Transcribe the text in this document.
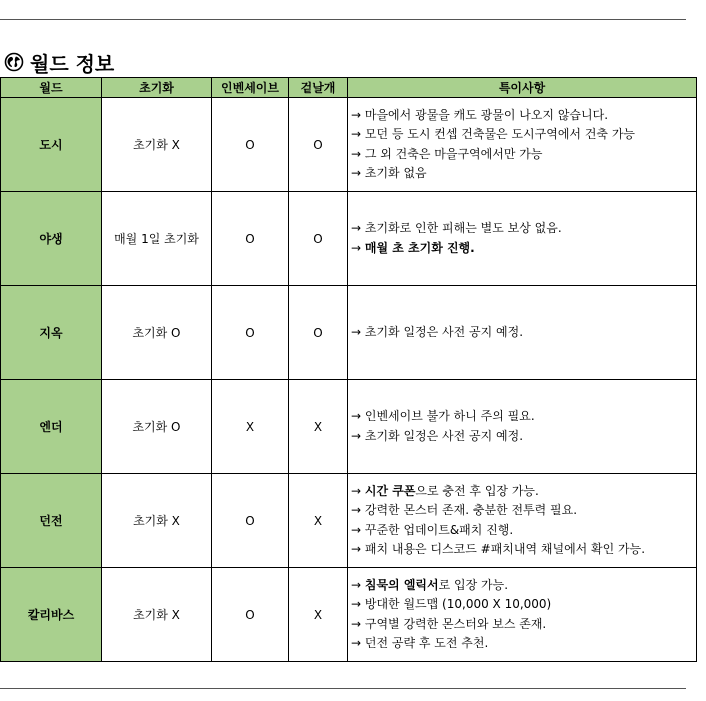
월드 정보
월드	초기화	인벤세이브	겉날개	특이사항
도시	초기화 X	O	O	→ 마을에서 광물을 캐도 광물이 나오지 않습니다.
→ 모던 등 도시 컨셉 건축물은 도시구역에서 건축 가능
→ 그 외 건축은 마을구역에서만 가능
→ 초기화 없음

야생	매월 1일 초기화	O	O	→ 초기화로 인한 피해는 별도 보상 없음.
→ 매월 초 초기화 진행.

지옥	초기화 O	O	O	→ 초기화 일정은 사전 공지 예정.

엔더	초기화 O	X	X	→ 인벤세이브 불가 하니 주의 필요.
→ 초기화 일정은 사전 공지 예정.

던전	초기화 X	O	X	→ 시간 쿠폰으로 충전 후 입장 가능.
→ 강력한 몬스터 존재. 충분한 전투력 필요.
→ 꾸준한 업데이트&패치 진행.
→ 패치 내용은 디스코드 #패치내역 채널에서 확인 가능.

칼리바스	초기화 X	O	X	→ 침묵의 엘릭서로 입장 가능.
→ 방대한 월드맵 (10,000 X 10,000)
→ 구역별 강력한 몬스터와 보스 존재.
→ 던전 공략 후 도전 추천.
